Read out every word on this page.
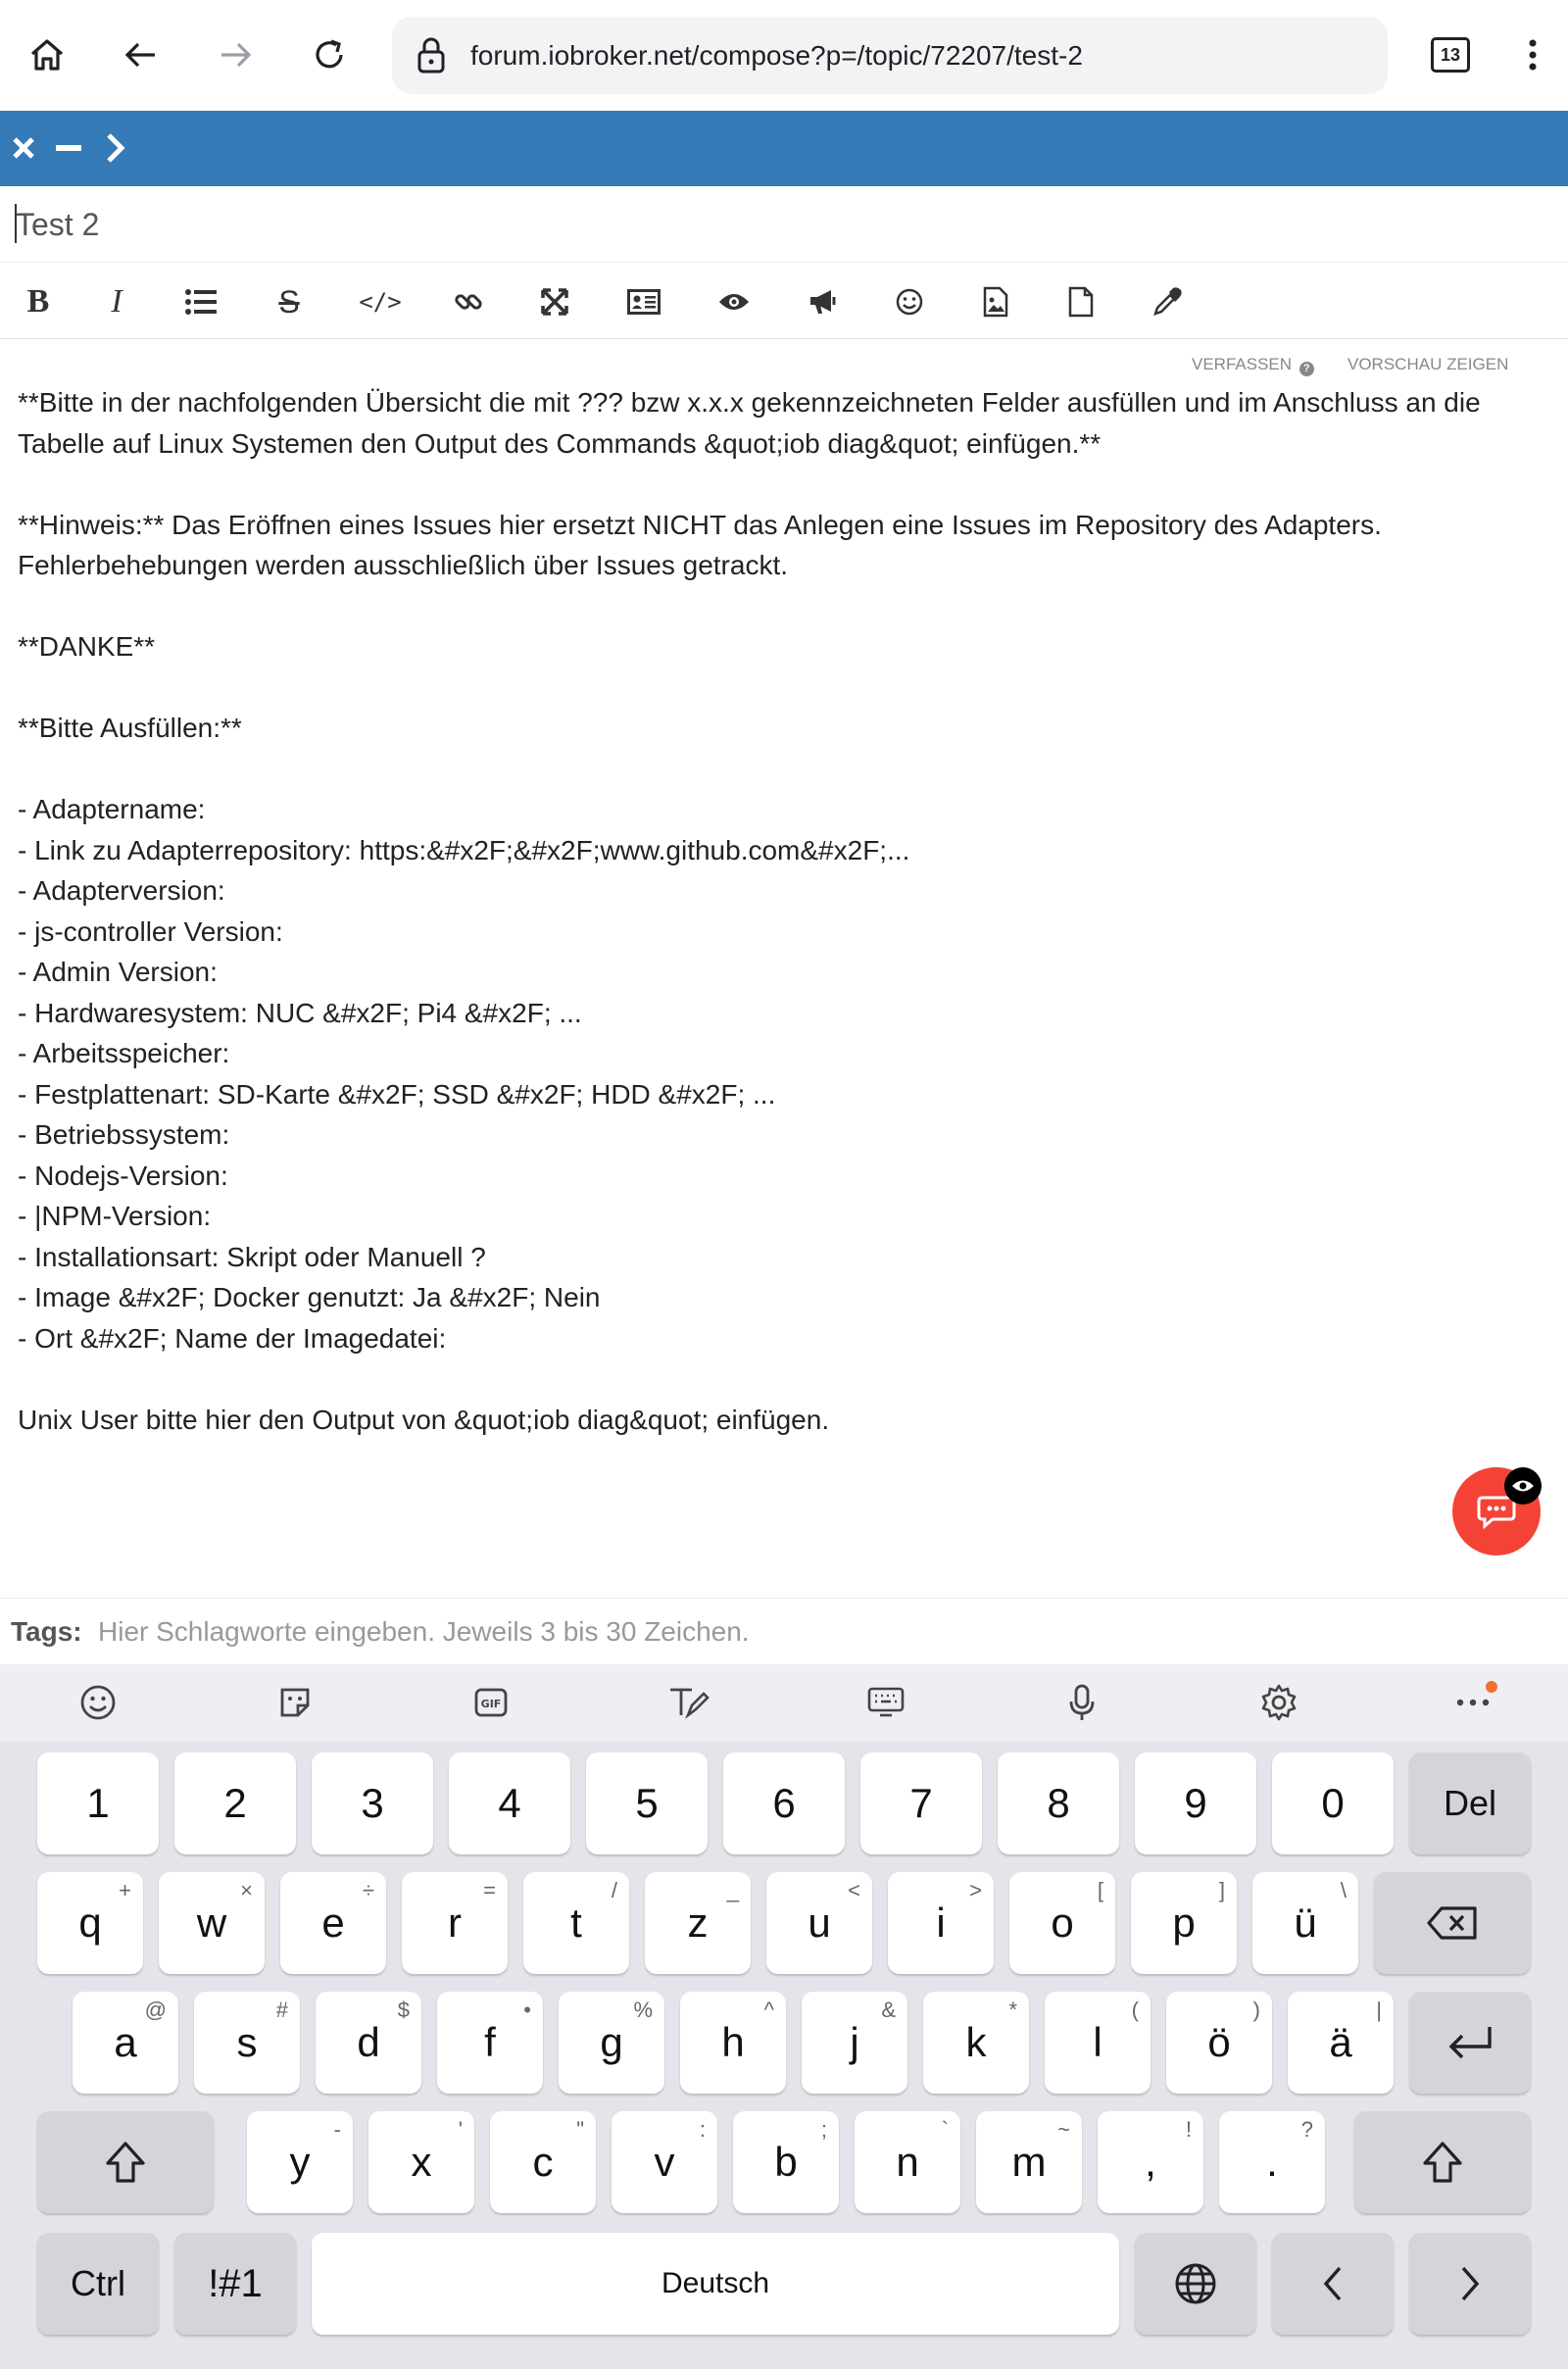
forum.iobroker.net/compose?p=/topic/72207/test-2	13
Test 2
B I	S	</>
VERFASSEN ? VORSCHAU ZEIGEN
**Bitte in der nachfolgenden Übersicht die mit ??? bzw x.x.x gekennzeichneten Felder ausfüllen und im Anschluss an die
Tabelle auf Linux Systemen den Output des Commands &quot;iob diag&quot; einfügen.**
**Hinweis:** Das Eröffnen eines Issues hier ersetzt NICHT das Anlegen eine Issues im Repository des Adapters.
Fehlerbehebungen werden ausschließlich über Issues getrackt.
**DANKE**
**Bitte Ausfüllen:**
- Adaptername:
- Link zu Adapterrepository: https:&#x2F;&#x2F;www.github.com&#x2F;...
- Adapterversion:
- js-controller Version:
- Admin Version:
- Hardwaresystem: NUC &#x2F; Pi4 &#x2F; ...
- Arbeitsspeicher:
- Festplattenart: SD-Karte &#x2F; SSD &#x2F; HDD &#x2F; ...
- Betriebssystem:
- Nodejs-Version:
- |NPM-Version:
- Installationsart: Skript oder Manuell ?
- Image &#x2F; Docker genutzt: Ja &#x2F; Nein
- Ort &#x2F; Name der Imagedatei:
Unix User bitte hier den Output von &quot;iob diag&quot; einfügen.
Tags: Hier Schlagworte eingeben. Jeweils 3 bis 30 Zeichen.
GIF
1	2	3	4	5	6	7	8	9	0	Del
q
+
w
×
e
÷
r
=
t
/
z
_
u
<
i
>
o
[
p
]
ü
\
a
@
s
#
d
$
f
•
g
%
h
^
j
&
k
*
l
(
ö
)
ä
|
y
-
x
'
c
"
v
:
b
;
n
`
m
~
,
!
.
?
Ctrl !#1	Deutsch
